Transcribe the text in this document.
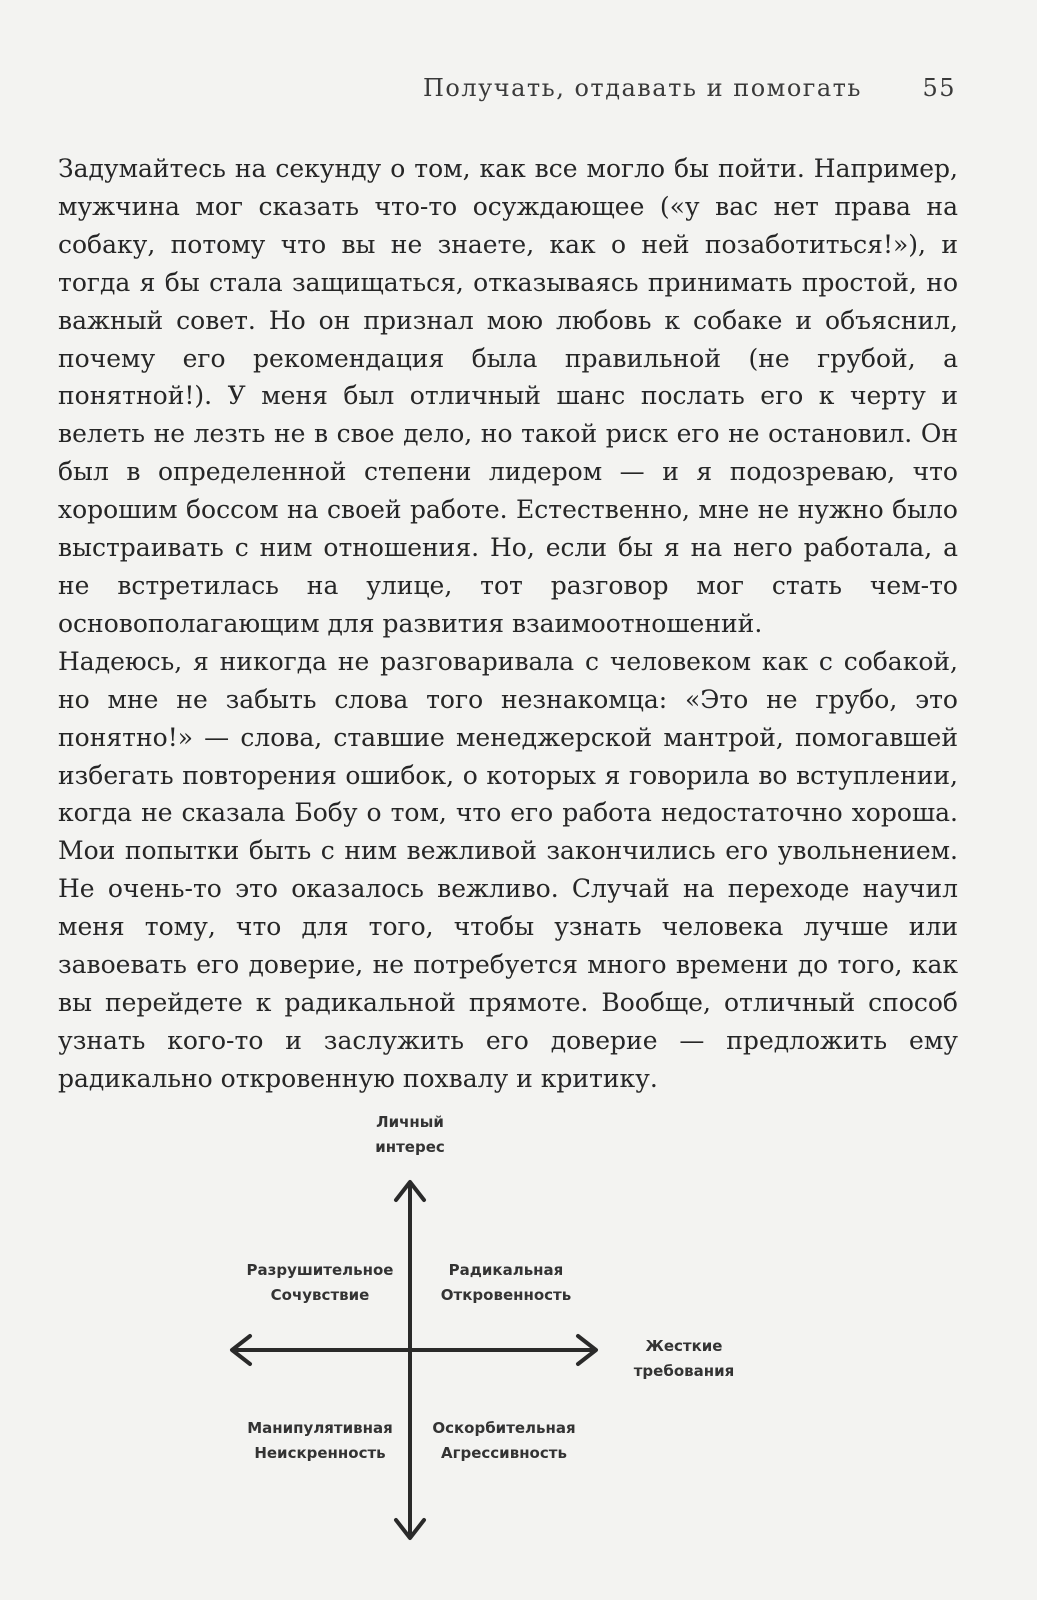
Получать, отдавать и помогать	55

Задумайтесь на секунду о том, как все могло бы пойти. Например, мужчина мог сказать что-то осуждающее («у вас нет права на собаку, потому что вы не знаете, как о ней позаботиться!»), и тогда я бы стала защищаться, отказываясь принимать простой, но важный совет. Но он признал мою любовь к собаке и объяснил, почему его рекомендация была правильной (не грубой, а понятной!). У меня был отличный шанс послать его к черту и велеть не лезть не в свое дело, но такой риск его не остановил. Он был в определенной степени лидером — и я подозреваю, что хорошим боссом на своей работе. Естественно, мне не нужно было выстраивать с ним отношения. Но, если бы я на него работала, а не встретилась на улице, тот разговор мог стать чем-то основополагающим для развития взаимоотношений.

Надеюсь, я никогда не разговаривала с человеком как с собакой, но мне не забыть слова того незнакомца: «Это не грубо, это понятно!» — слова, ставшие менеджерской мантрой, помогавшей избегать повторения ошибок, о которых я говорила во вступлении, когда не сказала Бобу о том, что его работа недостаточно хороша. Мои попытки быть с ним вежливой закончились его увольнением. Не очень-то это оказалось вежливо. Случай на переходе научил меня тому, что для того, чтобы узнать человека лучше или завоевать его доверие, не потребуется много времени до того, как вы перейдете к радикальной прямоте. Вообще, отличный способ узнать кого-то и заслужить его доверие — предложить ему радикально откровенную похвалу и критику.

Личный
интерес
Разрушительное
Сочувствие
Радикальная
Откровенность
Жесткие
требования
Манипулятивная
Неискренность
Оскорбительная
Агрессивность
